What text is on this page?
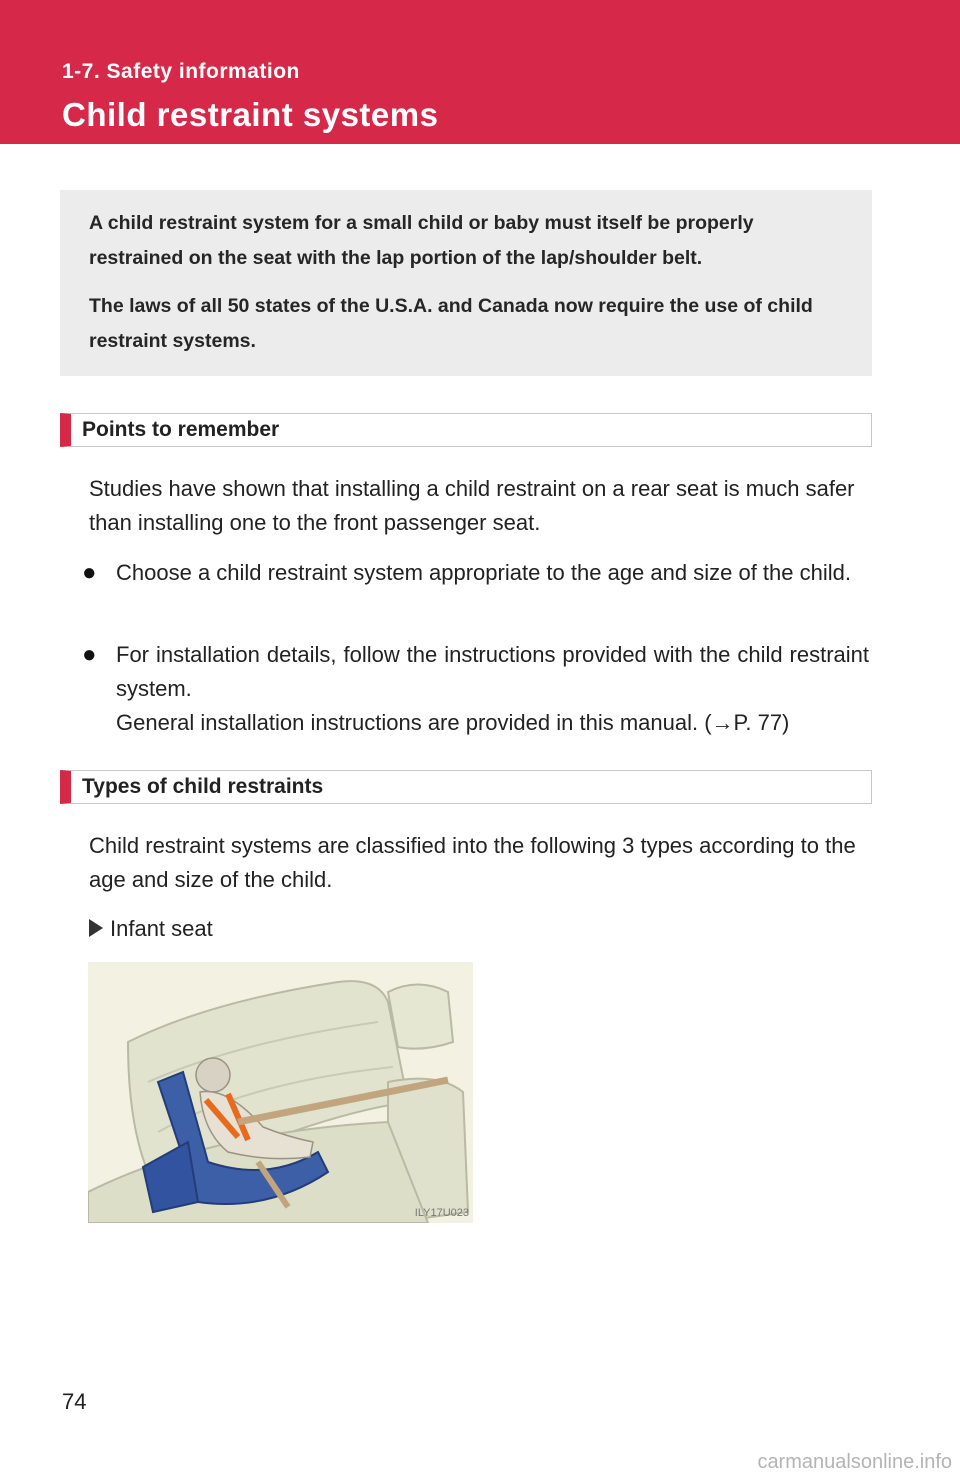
1-7. Safety information
Child restraint systems

A child restraint system for a small child or baby must itself be properly restrained on the seat with the lap portion of the lap/shoulder belt.

The laws of all 50 states of the U.S.A. and Canada now require the use of child restraint systems.

Points to remember
Studies have shown that installing a child restraint on a rear seat is much safer than installing one to the front passenger seat.
● Choose a child restraint system appropriate to the age and size of the child.
● For installation details, follow the instructions provided with the child restraint system.
General installation instructions are provided in this manual. (→P. 77)
Types of child restraints
Child restraint systems are classified into the following 3 types according to the age and size of the child.
Infant seat
ILY17U023
74
carmanualsonline.info
